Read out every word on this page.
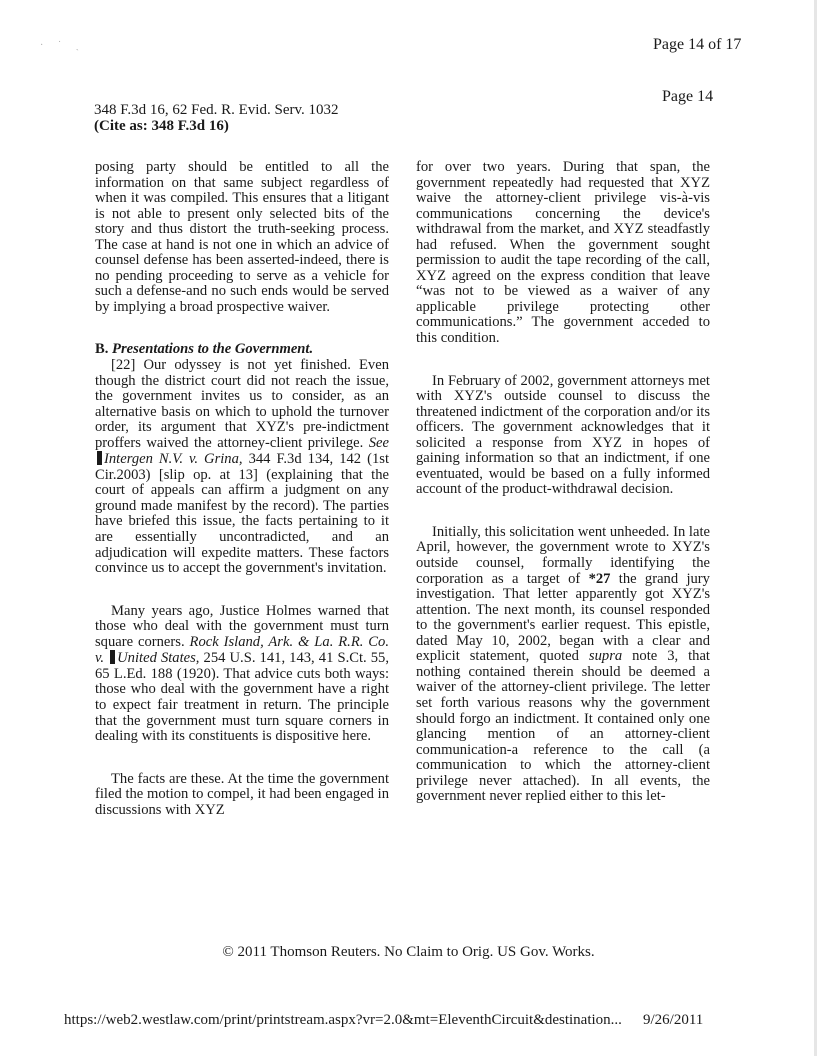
· ˙ ˏ	Page 14 of 17
Page 14
348 F.3d 16, 62 Fed. R. Evid. Serv. 1032
(Cite as: 348 F.3d 16)

posing party should be entitled to all the information on that same subject regardless of when it was compiled. This ensures that a litigant is not able to present only selected bits of the story and thus distort the truth-seeking process. The case at hand is not one in which an advice of counsel defense has been asserted-indeed, there is no pending proceeding to serve as a vehicle for such a defense-and no such ends would be served by implying a broad prospective waiver.

B. Presentations to the Government.

[22] Our odyssey is not yet finished. Even though the district court did not reach the issue, the government invites us to consider, as an alternative basis on which to uphold the turnover order, its argument that XYZ's pre-indictment proffers waived the attorney-client privilege. See Intergen N.V. v. Grina, 344 F.3d 134, 142 (1st Cir.2003) [slip op. at 13] (explaining that the court of appeals can affirm a judgment on any ground made manifest by the record). The parties have briefed this issue, the facts pertaining to it are essentially uncontradicted, and an adjudication will expedite matters. These factors convince us to accept the government's invitation.

Many years ago, Justice Holmes warned that those who deal with the government must turn square corners. Rock Island, Ark. & La. R.R. Co. v. United States, 254 U.S. 141, 143, 41 S.Ct. 55, 65 L.Ed. 188 (1920). That advice cuts both ways: those who deal with the government have a right to expect fair treatment in return. The principle that the government must turn square corners in dealing with its constituents is dispositive here.

The facts are these. At the time the government filed the motion to compel, it had been engaged in discussions with XYZ

for over two years. During that span, the government repeatedly had requested that XYZ waive the attorney-client privilege vis-à-vis communications concerning the device's withdrawal from the market, and XYZ steadfastly had refused. When the government sought permission to audit the tape recording of the call, XYZ agreed on the express condition that leave “was not to be viewed as a waiver of any applicable privilege protecting other communications.” The government acceded to this condition.

In February of 2002, government attorneys met with XYZ's outside counsel to discuss the threatened indictment of the corporation and/or its officers. The government acknowledges that it solicited a response from XYZ in hopes of gaining information so that an indictment, if one eventuated, would be based on a fully informed account of the product-withdrawal decision.

Initially, this solicitation went unheeded. In late April, however, the government wrote to XYZ's outside counsel, formally identifying the corporation as a target of *27 the grand jury investigation. That letter apparently got XYZ's attention. The next month, its counsel responded to the government's earlier request. This epistle, dated May 10, 2002, began with a clear and explicit statement, quoted supra note 3, that nothing contained therein should be deemed a waiver of the attorney-client privilege. The letter set forth various reasons why the government should forgo an indictment. It contained only one glancing mention of an attorney-client communication-a reference to the call (a communication to which the attorney-client privilege never attached). In all events, the government never replied either to this let-

© 2011 Thomson Reuters. No Claim to Orig. US Gov. Works.
https://web2.westlaw.com/print/printstream.aspx?vr=2.0&mt=EleventhCircuit&destination... 9/26/2011
